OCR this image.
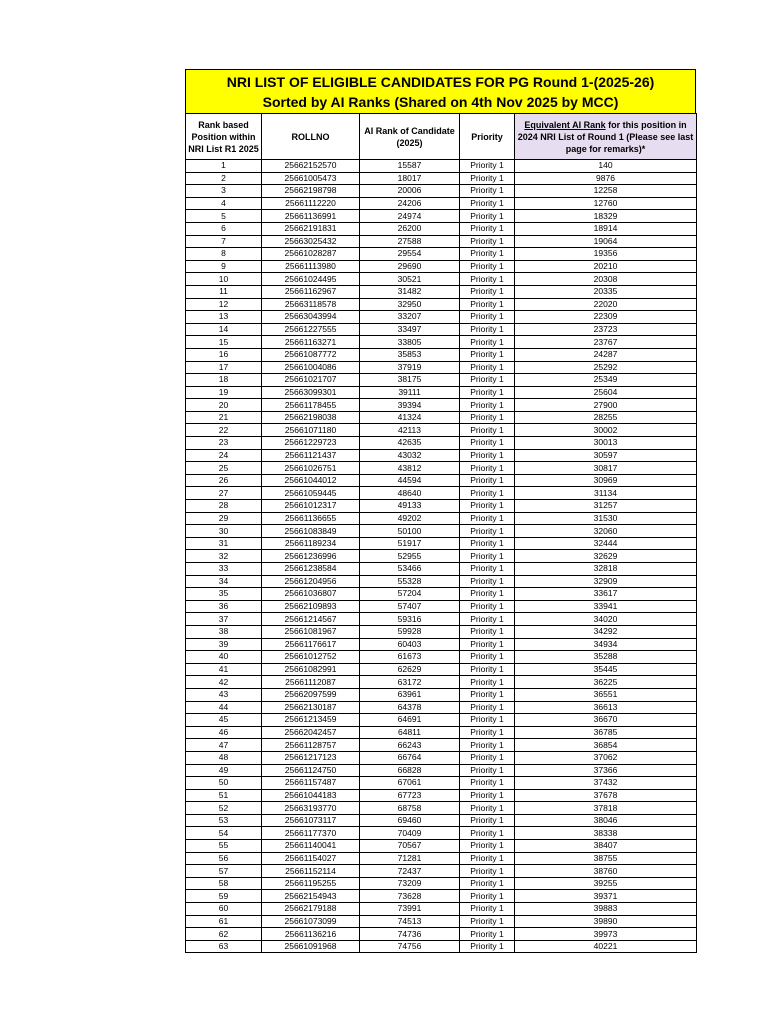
NRI LIST OF ELIGIBLE CANDIDATES FOR PG Round 1-(2025-26)
Sorted by AI Ranks (Shared on 4th Nov 2025 by MCC)
Rank based Position within NRI List R1 2025	ROLLNO	AI Rank of Candidate (2025)	Priority	Equivalent AI Rank for this position in 2024 NRI List of Round 1 (Please see last page for remarks)*
1	25662152570	15587	Priority 1	140
2	25661005473	18017	Priority 1	9876
3	25662198798	20006	Priority 1	12258
4	25661112220	24206	Priority 1	12760
5	25661136991	24974	Priority 1	18329
6	25662191831	26200	Priority 1	18914
7	25663025432	27588	Priority 1	19064
8	25661028287	29554	Priority 1	19356
9	25661113980	29690	Priority 1	20210
10	25661024495	30521	Priority 1	20308
11	25661162967	31482	Priority 1	20335
12	25663118578	32950	Priority 1	22020
13	25663043994	33207	Priority 1	22309
14	25661227555	33497	Priority 1	23723
15	25661163271	33805	Priority 1	23767
16	25661087772	35853	Priority 1	24287
17	25661004086	37919	Priority 1	25292
18	25661021707	38175	Priority 1	25349
19	25663099301	39111	Priority 1	25604
20	25661178455	39394	Priority 1	27900
21	25662198038	41324	Priority 1	28255
22	25661071180	42113	Priority 1	30002
23	25661229723	42635	Priority 1	30013
24	25661121437	43032	Priority 1	30597
25	25661026751	43812	Priority 1	30817
26	25661044012	44594	Priority 1	30969
27	25661059445	48640	Priority 1	31134
28	25661012317	49133	Priority 1	31257
29	25661136655	49202	Priority 1	31530
30	25661083849	50100	Priority 1	32060
31	25661189234	51917	Priority 1	32444
32	25661236996	52955	Priority 1	32629
33	25661238584	53466	Priority 1	32818
34	25661204956	55328	Priority 1	32909
35	25661036807	57204	Priority 1	33617
36	25662109893	57407	Priority 1	33941
37	25661214567	59316	Priority 1	34020
38	25661081967	59928	Priority 1	34292
39	25661176617	60403	Priority 1	34934
40	25661012752	61673	Priority 1	35288
41	25661082991	62629	Priority 1	35445
42	25661112087	63172	Priority 1	36225
43	25662097599	63961	Priority 1	36551
44	25662130187	64378	Priority 1	36613
45	25661213459	64691	Priority 1	36670
46	25662042457	64811	Priority 1	36785
47	25661128757	66243	Priority 1	36854
48	25661217123	66764	Priority 1	37062
49	25661124750	66828	Priority 1	37366
50	25661157487	67061	Priority 1	37432
51	25661044183	67723	Priority 1	37678
52	25663193770	68758	Priority 1	37818
53	25661073117	69460	Priority 1	38046
54	25661177370	70409	Priority 1	38338
55	25661140041	70567	Priority 1	38407
56	25661154027	71281	Priority 1	38755
57	25661152114	72437	Priority 1	38760
58	25661195255	73209	Priority 1	39255
59	25662154943	73628	Priority 1	39371
60	25662179188	73991	Priority 1	39883
61	25661073099	74513	Priority 1	39890
62	25661136216	74736	Priority 1	39973
63	25661091968	74756	Priority 1	40221
